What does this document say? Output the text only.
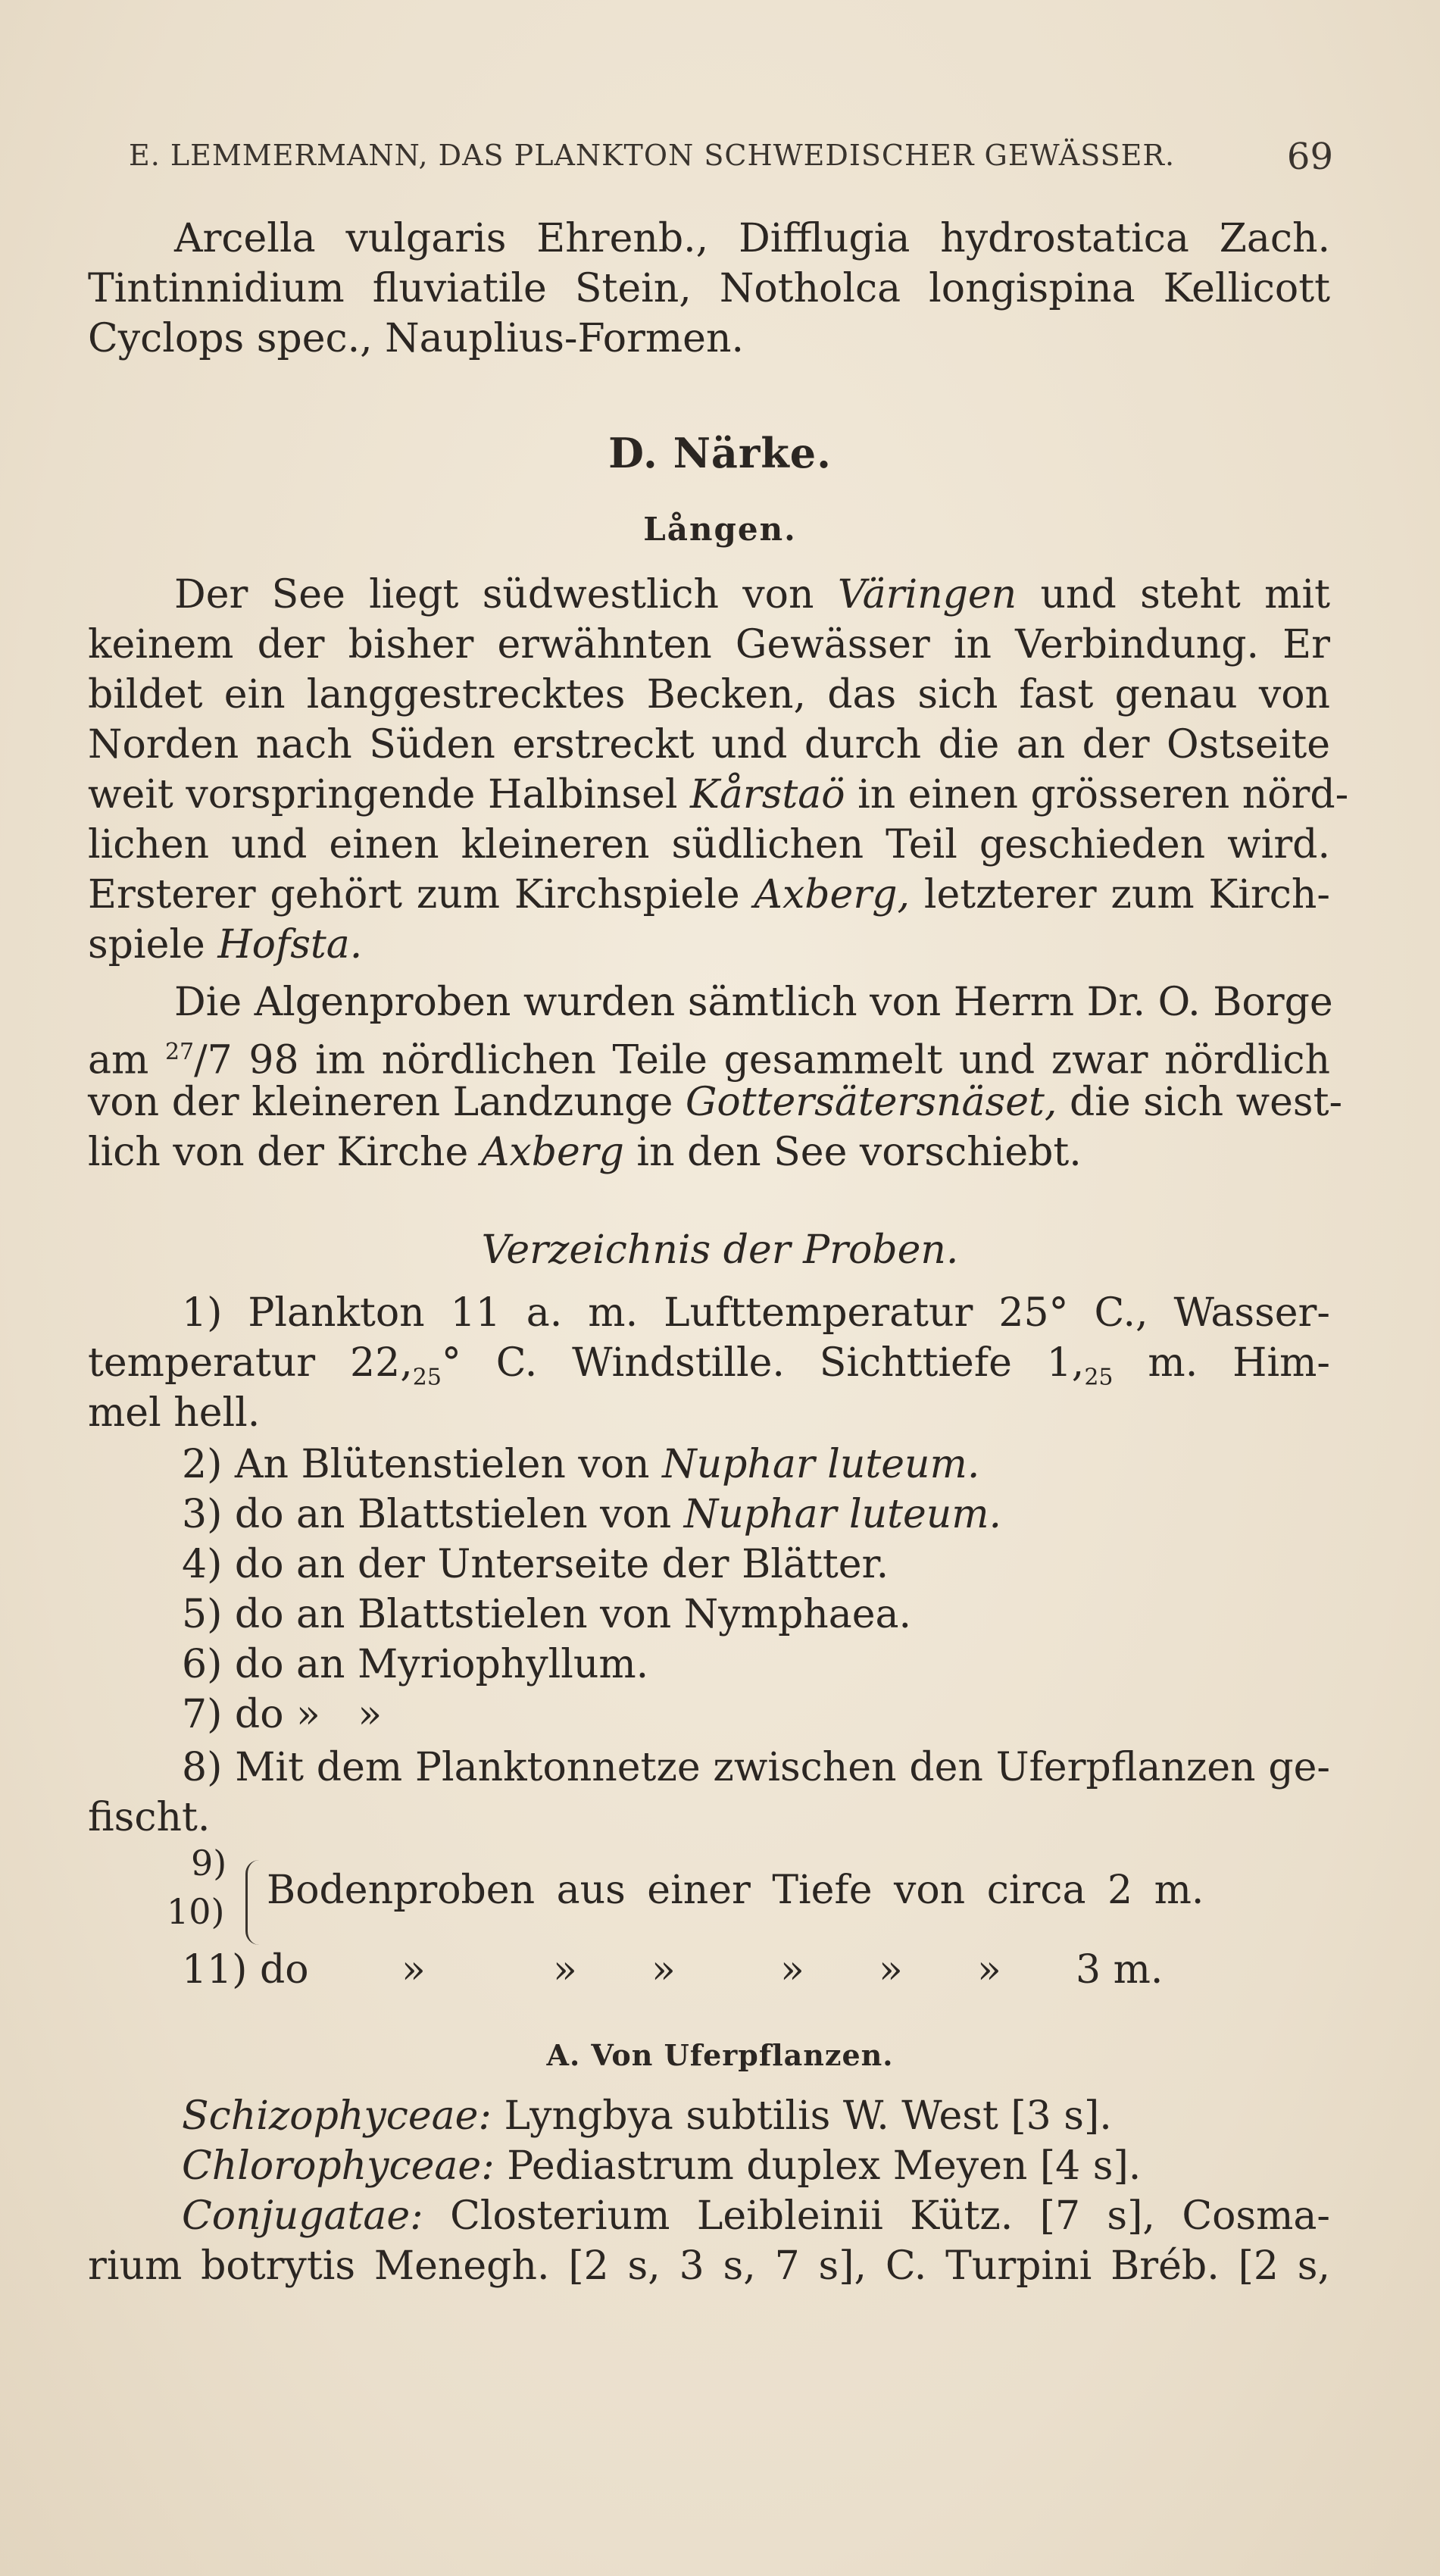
E. LEMMERMANN, DAS PLANKTON SCHWEDISCHER GEWÄSSER.	69
Arcella vulgaris Ehrenb., Difflugia hydrostatica Zach.
Tintinnidium fluviatile Stein, Notholca longispina Kellicott
Cyclops spec., Nauplius-Formen.
D. Närke.
Lången.
Der See liegt südwestlich von Väringen und steht mit
keinem der bisher erwähnten Gewässer in Verbindung. Er
bildet ein langgestrecktes Becken, das sich fast genau von
Norden nach Süden erstreckt und durch die an der Ostseite
weit vorspringende Halbinsel Kårstaö in einen grösseren nörd-
lichen und einen kleineren südlichen Teil geschieden wird.
Ersterer gehört zum Kirchspiele Axberg, letzterer zum Kirch-
spiele Hofsta.
Die Algenproben wurden sämtlich von Herrn Dr. O. Borge
am $^{27}$/7 98 im nördlichen Teile gesammelt und zwar nördlich
von der kleineren Landzunge Gottersätersnäset, die sich west-
lich von der Kirche Axberg in den See vorschiebt.
Verzeichnis der Proben.
1) Plankton 11 a. m. Lufttemperatur 25° C., Wasser-
temperatur $22,_{25}^\circ$ C. Windstille. Sichttiefe $1,_{25}$ m. Him-
mel hell.
2) An Blütenstielen von Nuphar luteum.
3) do an Blattstielen von Nuphar luteum.
4) do an der Unterseite der Blätter.
5) do an Blattstielen von Nymphaea.
6) do an Myriophyllum.
7) do »   »
8) Mit dem Planktonnetze zwischen den Uferpflanzen ge-
fischt.
9)
10) Bodenproben aus einer Tiefe von circa 2 m.
11) do »	» »	» » » 3 m.
A. Von Uferpflanzen.
Schizophyceae: Lyngbya subtilis W. West [3 s].
Chlorophyceae: Pediastrum duplex Meyen [4 s].
Conjugatae: Closterium Leibleinii Kütz. [7 s], Cosma-
rium botrytis Menegh. [2 s, 3 s, 7 s], C. Turpini Bréb. [2 s,
